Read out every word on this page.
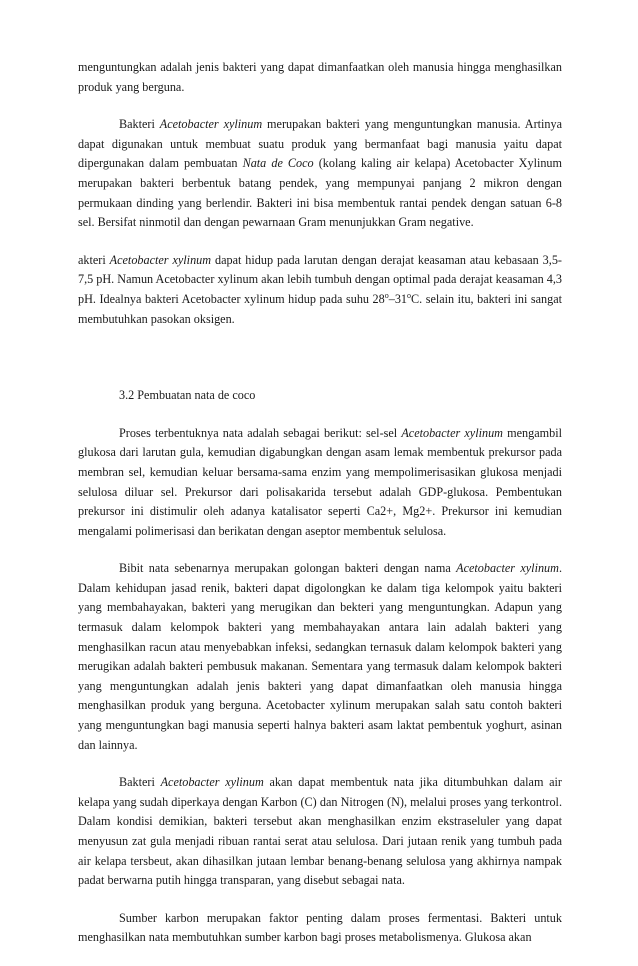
menguntungkan adalah jenis bakteri yang dapat dimanfaatkan oleh manusia hingga menghasilkan produk yang berguna.

Bakteri Acetobacter xylinum merupakan bakteri yang menguntungkan manusia. Artinya dapat digunakan untuk membuat suatu produk yang bermanfaat bagi manusia yaitu dapat dipergunakan dalam pembuatan Nata de Coco (kolang kaling air kelapa) Acetobacter Xylinum merupakan bakteri berbentuk batang pendek, yang mempunyai panjang 2 mikron dengan permukaan dinding yang berlendir. Bakteri ini bisa membentuk rantai pendek dengan satuan 6-8 sel. Bersifat ninmotil dan dengan pewarnaan Gram menunjukkan Gram negative.

akteri Acetobacter xylinum dapat hidup pada larutan dengan derajat keasaman atau kebasaan 3,5-7,5 pH. Namun Acetobacter xylinum akan lebih tumbuh dengan optimal pada derajat keasaman 4,3 pH. Idealnya bakteri Acetobacter xylinum hidup pada suhu 28$^o$–31$^o$C. selain itu, bakteri ini sangat membutuhkan pasokan oksigen.

3.2 Pembuatan nata de coco

Proses terbentuknya nata adalah sebagai berikut: sel-sel Acetobacter xylinum mengambil glukosa dari larutan gula, kemudian digabungkan dengan asam lemak membentuk prekursor pada membran sel, kemudian keluar bersama-sama enzim yang mempolimerisasikan glukosa menjadi selulosa diluar sel. Prekursor dari polisakarida tersebut adalah GDP-glukosa. Pembentukan prekursor ini distimulir oleh adanya katalisator seperti Ca2+, Mg2+. Prekursor ini kemudian mengalami polimerisasi dan berikatan dengan aseptor membentuk selulosa.

Bibit nata sebenarnya merupakan golongan bakteri dengan nama Acetobacter xylinum. Dalam kehidupan jasad renik, bakteri dapat digolongkan ke dalam tiga kelompok yaitu bakteri yang membahayakan, bakteri yang merugikan dan bekteri yang menguntungkan. Adapun yang termasuk dalam kelompok bakteri yang membahayakan antara lain adalah bakteri yang menghasilkan racun atau menyebabkan infeksi, sedangkan ternasuk dalam kelompok bakteri yang merugikan adalah bakteri pembusuk makanan. Sementara yang termasuk dalam kelompok bakteri yang menguntungkan adalah jenis bakteri yang dapat dimanfaatkan oleh manusia hingga menghasilkan produk yang berguna. Acetobacter xylinum merupakan salah satu contoh bakteri yang menguntungkan bagi manusia seperti halnya bakteri asam laktat pembentuk yoghurt, asinan dan lainnya.

Bakteri Acetobacter xylinum akan dapat membentuk nata jika ditumbuhkan dalam air kelapa yang sudah diperkaya dengan Karbon (C) dan Nitrogen (N), melalui proses yang terkontrol. Dalam kondisi demikian, bakteri tersebut akan menghasilkan enzim ekstraseluler yang dapat menyusun zat gula menjadi ribuan rantai serat atau selulosa. Dari jutaan renik yang tumbuh pada air kelapa tersbeut, akan dihasilkan jutaan lembar benang-benang selulosa yang akhirnya nampak padat berwarna putih hingga transparan, yang disebut sebagai nata.

Sumber karbon merupakan faktor penting dalam proses fermentasi. Bakteri untuk menghasilkan nata membutuhkan sumber karbon bagi proses metabolismenya. Glukosa akan
